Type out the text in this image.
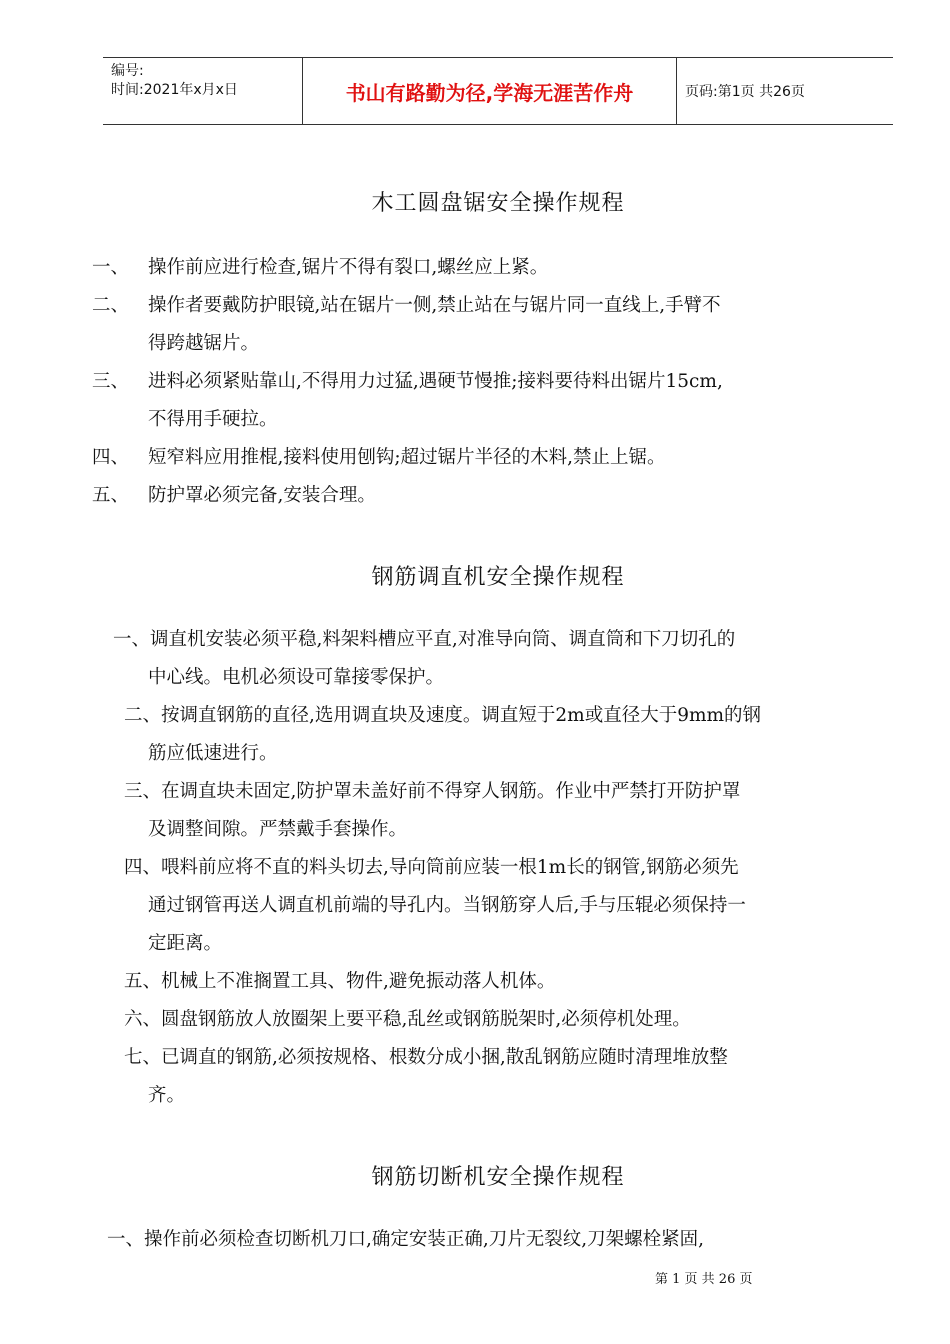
编号:
时间:2021年x月x日	书山有路勤为径,学海无涯苦作舟	页码:第1页 共26页
木工圆盘锯安全操作规程
一、 操作前应进行检查,锯片不得有裂口,螺丝应上紧。
二、 操作者要戴防护眼镜,站在锯片一侧,禁止站在与锯片同一直线上,手臂不
得跨越锯片。
三、 进料必须紧贴靠山,不得用力过猛,遇硬节慢推;接料要待料出锯片15cm,
不得用手硬拉。
四、 短窄料应用推棍,接料使用刨钩;超过锯片半径的木料,禁止上锯。
五、 防护罩必须完备,安装合理。
钢筋调直机安全操作规程
一、调直机安装必须平稳,料架料槽应平直,对准导向筒、调直筒和下刀切孔的
中心线。电机必须设可靠接零保护。
二、按调直钢筋的直径,选用调直块及速度。调直短于2m或直径大于9mm的钢
筋应低速进行。
三、在调直块未固定,防护罩未盖好前不得穿人钢筋。作业中严禁打开防护罩
及调整间隙。严禁戴手套操作。
四、喂料前应将不直的料头切去,导向筒前应装一根1m长的钢管,钢筋必须先
通过钢管再送人调直机前端的导孔内。当钢筋穿人后,手与压辊必须保持一
定距离。
五、机械上不准搁置工具、物件,避免振动落人机体。
六、圆盘钢筋放人放圈架上要平稳,乱丝或钢筋脱架时,必须停机处理。
七、已调直的钢筋,必须按规格、根数分成小捆,散乱钢筋应随时清理堆放整
齐。
钢筋切断机安全操作规程
一、操作前必须检查切断机刀口,确定安装正确,刀片无裂纹,刀架螺栓紧固,
第 1 页 共 26 页
